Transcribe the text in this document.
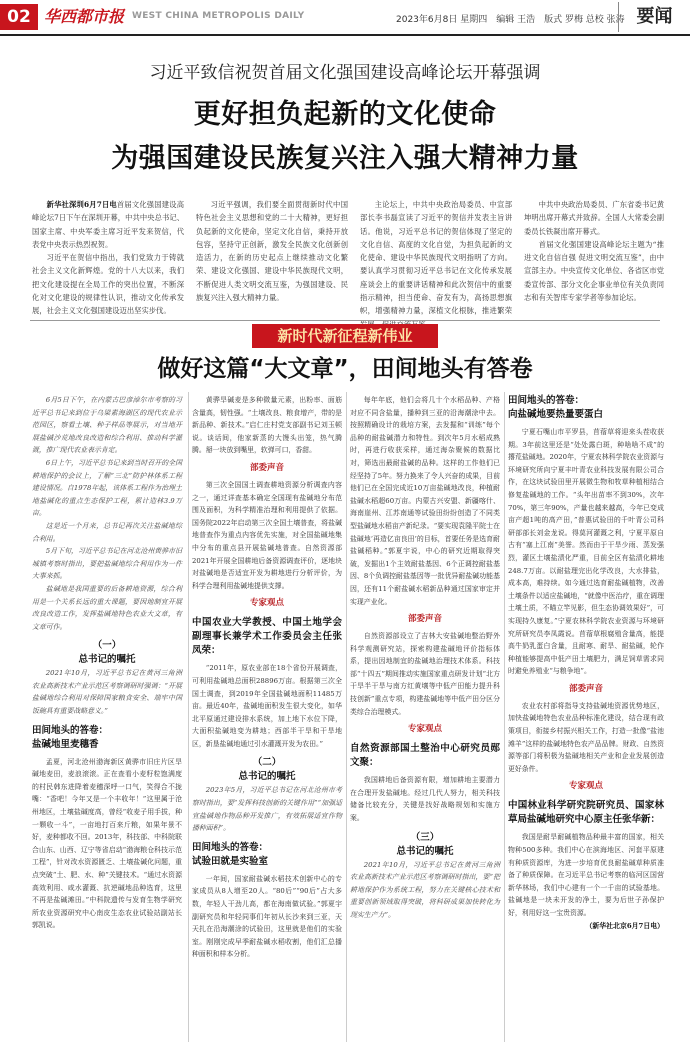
02 华西都市报 WEST CHINA METROPOLIS DAILY	2023年6月8日 星期四　编辑 王浩　版式 罗梅 总校 张涛 要闻
习近平致信祝贺首届文化强国建设高峰论坛开幕强调
更好担负起新的文化使命
为强国建设民族复兴注入强大精神力量

新华社深圳6月7日电首届文化强国建设高峰论坛7日下午在深圳开幕，中共中央总书记、国家主席、中央军委主席习近平发来贺信，代表党中央表示热烈祝贺。

习近平在贺信中指出，我们党致力于铸就社会主义文化新辉煌。党的十八大以来，我们把文化建设提在全局工作的突出位置，不断深化对文化建设的规律性认识，推动文化传承发展，社会主义文化强国建设迈出坚实步伐。

习近平强调，我们要全面贯彻新时代中国特色社会主义思想和党的二十大精神，更好担负起新的文化使命，坚定文化自信，秉持开放包容，坚持守正创新，激发全民族文化创新创造活力，在新的历史起点上继续推动文化繁荣、建设文化强国、建设中华民族现代文明，不断促进人类文明交流互鉴，为强国建设、民族复兴注入强大精神力量。

主论坛上，中共中央政治局委员、中宣部部长李书磊宣读了习近平的贺信并发表主旨讲话。他说，习近平总书记的贺信体现了坚定的文化自信、高度的文化自觉，为担负起新的文化使命、建设中华民族现代文明指明了方向。要认真学习贯彻习近平总书记在文化传承发展座谈会上的重要讲话精神和此次贺信中的重要指示精神，担当使命、奋发有为，高扬思想旗帜，增强精神力量，深植文化根脉，推进繁荣

中共中央政治局委员、广东省委书记黄坤明出席开幕式并致辞。全国人大常委会副委员长铁凝出席开幕式。

首届文化强国建设高峰论坛主题为“推进文化自信自强 促进文明交流互鉴”，由中宣部主办。中央宣传文化单位、各省区市党委宣传部、部分文化企事业单位有关负责同志和有关智库专家学者等参加论坛。

新时代新征程新伟业
做好这篇“大文章”，田间地头有答卷

6月5日下午，在内蒙古巴彦淖尔市考察的习近平总书记来到位于乌梁素海湖区的现代农业示范园区，察看土壤、种子样品等展示，对当地开展盐碱沙荒地改良改造和综合利用、推动科学灌溉，推广现代农业表示肯定。

6日上午，习近平总书记来到当时召开的全国耕地保护的会议上，了解“三北”防护林体系工程建设情况。自1978年起，该体系工程作为治理土地盐碱化的重点生态保护工程，累计造林3.9万亩。

这是近一个月来，总书记再次关注盐碱地综合利用。

5月下旬，习近平总书记在河北沧州黄骅市旧城镇考察时指出，要把盐碱地综合利用作为一件大事来抓。

盐碱地是我国重要的后备耕地资源，综合利用是一个关系长远的重大课题，要因地制宜开展改良改造工作，发挥盐碱地特色农业大文章，有文章可作。

（一）
总书记的嘱托

2021年10月，习近平总书记在黄河三角洲农业高新技术产业示范区考察调研时强调：“开展盐碱地综合利用对保障国家粮食安全、端牢中国饭碗具有重要战略意义。”

田间地头的答卷：
盐碱地里麦穗香

孟夏，河北沧州渤海新区黄骅市旧庄片区旱碱地麦田，麦浪滚滚。正在查看小麦籽粒饱满度的村民韩东进降着麦穗深呼一口气，笑得合不拢嘴：“香吧！今年又是一个丰收年！”这里属于沧州地区，土壤盐碱度高，曾经“收麦子用手拔，种一颗收一斗”，一亩地打百来斤粮，如果年景不好，麦种都收不回。2013年，科技部、中科院联合山东、山西、辽宁等省启动“渤海粮仓科技示范工程”，针对改水资源匮乏、土壤盐碱化问题，重点突破“土、肥、水、种”关键技术。“通过水资源高效利用、咸水灌溉、抗逆碱地品种选育，这里不再是盐碱滩田。”中科院遗传与发育生物学研究所农业资源研究中心南皮生态农业试验站副站长郭凯说。

黄骅旱碱麦是多种微量元素，出粉率、面筋含量高，韧性强。“土壤改良、粮食增产，带的是新品种、新技术。”启仁庄村党支部副书记刘玉顿说。谈话间，他家新蒸的大馒头出笼，热气腾腾。掰一块放到嘴里，软弹可口，香甜。

部委声音

第三次全国国土调查耕地资源分析调查内容之一，通过详查基本确定全国现有盐碱地分布范围及面积，为科学精准治理和利用提供了依据。国务院2022年启动第三次全国土壤普查，将盐碱地普查作为重点内容优先实施，对全国盐碱地集中分布的重点县开展盐碱地普查。自然资源部2021年开展全国耕地后备资源调查评价，逐地块对盐碱地是否适宜开发为耕地进行分析评价，为科学合理利用盐碱地提供支撑。

专家观点
中国农业大学教授、中国土地学会副理事长兼学术工作委员会主任张凤荣：

“2011年，原农业部在18个省份开展调查，可利用盐碱地总面积28896万亩。根据第三次全国土调查，到2019年全国盐碱地面积11485万亩。最近40年，盐碱地面积发生很大变化，如华北平原通过建设排水系统，加上地下水位下降，大面积盐碱地变为耕地；西部半干旱和干旱地区，新垦盐碱地通过引水灌溉开发为农田。”

（二）
总书记的嘱托

2023年5月，习近平总书记在河北沧州市考察时指出，要“发挥科技创新的关键作用”“加强适宜盐碱地作物品种开发推广，有效拓展适宜作物播种面积”。

田间地头的答卷：
试验田就是实验室

一年间，国家耐盐碱水稻技术创新中心的专家成员从8人增至20人。“80后”“90后”占大多数，年轻人干劲儿高，都在海南做试验。”郭夏宇副研究员和年轻同事们年初从长沙来到三亚，天天扎在沿海潮涂的试验田，这里就是他们的实验室。刚刚完成早季耐盐碱水稻收割，他们汇总播种面积和样本分析。

每年年底，他们会将几十个水稻品种、产格对应不同含盐量，播种到三亚的沿海潮涂中去。按照精确设计的栽培方案，去发掘和“训练”每个品种的耐盐碱潜力和特性。到次年5月水稻成熟时，再进行收获采样，通过海杂聚候的数据比对，筛选出最耐盐碱的品种。这样的工作他们已经坚持了5年。努力换来了令人兴奋的成果，目前他们已在全国完成近10万亩盐碱地改良，种植耐盐碱水稻超60万亩。内蒙古兴安盟、新疆喀什、海南崖州、江苏南通等试验田纷纷创造了不同类型盐碱地水稻亩产新纪录。“要实现袁隆平院士在盐碱地‘再造亿亩良田’的目标，首要任务是选育耐盐碱稻种。”郭夏宇说，中心的研究近期取得突破，发掘出1个主效耐盐基因、6个正调控耐盐基因、8个负调控耐盐基因等一批优异耐盐碱功能基因，还有11个耐盐碱水稻新品种通过国家审定并实现产业化。

部委声音

自然资源部设立了吉林大安盐碱地整治野外科学观测研究站，探索构建盐碱地评价指标体系，提出因地制宜的盐碱地治理技术体系。科技部“十四五”期间推动实施国家重点研发计划“北方干旱半干旱与南方红黄壤等中低产田能力提升科技创新”重点专项，构建盐碱地等中低产田分区分类综合治理模式。

专家观点
自然资源部国土整治中心研究员郧文聚：

我国耕地后备资源有限，增加耕地主要潜力在合理开发盐碱地。经过几代人努力，相关科技储备比较充分，关键是找好战略规划和实施方案。

（三）
总书记的嘱托

2021年10月，习近平总书记在黄河三角洲农业高新技术产业示范区考察调研时指出，要“把耕地保护作为系统工程，努力在关键核心技术和重要创新领域取得突破，将科研成果加快转化为现实生产力”。

田间地头的答卷：
向盐碱地要热量要蛋白

宁夏石嘴山市平罗县，苜蓿草将迎来头茬收获期。3年前这里还是“处处露白斑，种啥啥不成”的撂荒盐碱地。2020年，宁夏农林科学院农业资源与环境研究所向宁夏丰叶青农业科技发展有限公司合作，在这块试验田里开展微生物和牧草种植相结合修复盐碱地的工作。“头年出苗率不到30%，次年70%，第三年90%，产量也越来越高，今年已变成亩产超1吨的高产田，”普惠试验田的千叶青公司科研部部长刘金龙说。得莫河灌溉之利，宁夏平原自古有“塞上江南”美誉。然而由于干旱少雨、蒸发强烈，灌区土壤盐渍化严重，目前全区有盐渍化耕地248.7万亩。以耐盐理完出化学改良，大水排盐，成本高，难持续。如今通过选育耐盐碱植物，改善土壤条件以适应盐碱地，“就像中医治疗，重在调理土壤土质，不瞄立竿见影，但生态协调效果好”，可实现持久康复。”宁夏农林科学院农业资源与环境研究所研究员李凤霞说。苜蓿草根腐殖含量高，能提高牛奶乳蛋白含量，且耐寒、耐旱、耐盐碱，轮作种植能够提高中低产田土壤肥力，满足饲草需求同时避免养殖业“与粮争地”。

部委声音

农业农村部将指导支持盐碱地资源优势地区，加快盐碱地特色农业品种标准化建设，结合现有政策项目，衔接乡村振兴相关工作，打造一批像“盐池滩羊”这样的盐碱地特色农产品品牌。财政、自然资源等部门将积极为盐碱地相关产业和企业发展创造更好条件。

专家观点
中国林业科学研究院研究员、国家林草局盐碱地研究中心原主任张华新：

我国是耐旱耐碱植物品种最丰富的国家，相关物种500多种。我们中心在滨海地区、河套平原建有种质资源库，为进一步培育优良耐盐碱草种质准备了种质保障。在习近平总书记考察的临河区国营新华林场，我们中心建有一个一千亩的试验基地。盐碱地是一块未开发的净土，要为后世子孙保护好，利用好这一宝贵资源。

（新华社北京6月7日电）
